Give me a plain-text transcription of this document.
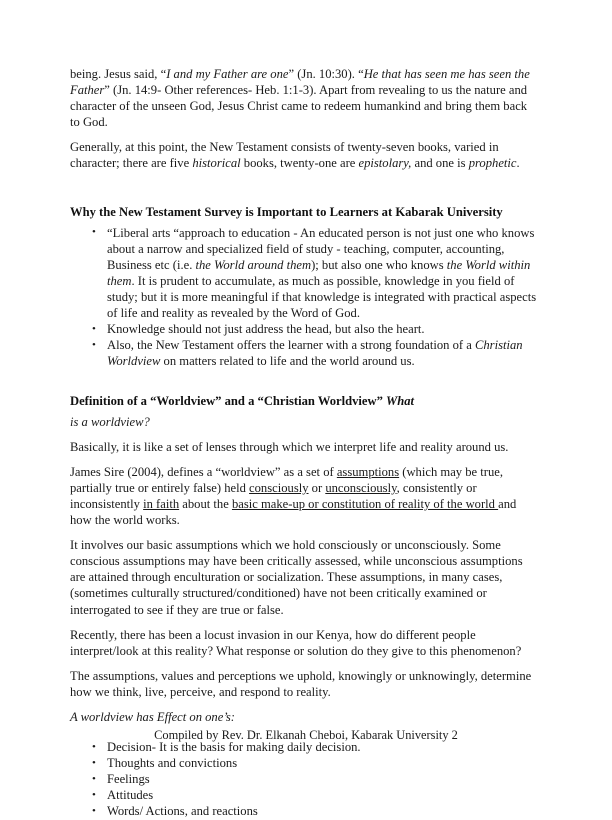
being. Jesus said, “I and my Father are one” (Jn. 10:30). “He that has seen me has seen the Father” (Jn. 14:9- Other references- Heb. 1:1-3). Apart from revealing to us the nature and character of the unseen God, Jesus Christ came to redeem humankind and bring them back to God.

Generally, at this point, the New Testament consists of twenty-seven books, varied in character; there are five historical books, twenty-one are epistolary, and one is prophetic.

Why the New Testament Survey is Important to Learners at Kabarak University
• “Liberal arts “approach to education - An educated person is not just one who knows about a narrow and specialized field of study - teaching, computer, accounting, Business etc (i.e. the World around them); but also one who knows the World within them. It is prudent to accumulate, as much as possible, knowledge in you field of study; but it is more meaningful if that knowledge is integrated with practical aspects of life and reality as revealed by the Word of God.
• Knowledge should not just address the head, but also the heart.
• Also, the New Testament offers the learner with a strong foundation of a Christian Worldview on matters related to life and the world around us.
Definition of a “Worldview” and a “Christian Worldview” What

is a worldview?

Basically, it is like a set of lenses through which we interpret life and reality around us.

James Sire (2004), defines a “worldview” as a set of assumptions (which may be true, partially true or entirely false) held consciously or unconsciously, consistently or inconsistently in faith about the basic make-up or constitution of reality of the world and how the world works.

It involves our basic assumptions which we hold consciously or unconsciously. Some conscious assumptions may have been critically assessed, while unconscious assumptions are attained through enculturation or socialization. These assumptions, in many cases, (sometimes culturally structured/conditioned) have not been critically examined or interrogated to see if they are true or false.

Recently, there has been a locust invasion in our Kenya, how do different people interpret/look at this reality? What response or solution do they give to this phenomenon?

The assumptions, values and perceptions we uphold, knowingly or unknowingly, determine how we think, live, perceive, and respond to reality.

A worldview has Effect on one’s:

• Decision- It is the basis for making daily decision.
• Thoughts and convictions
• Feelings
• Attitudes
• Words/ Actions, and reactions
Compiled by Rev. Dr. Elkanah Cheboi, Kabarak University 2
